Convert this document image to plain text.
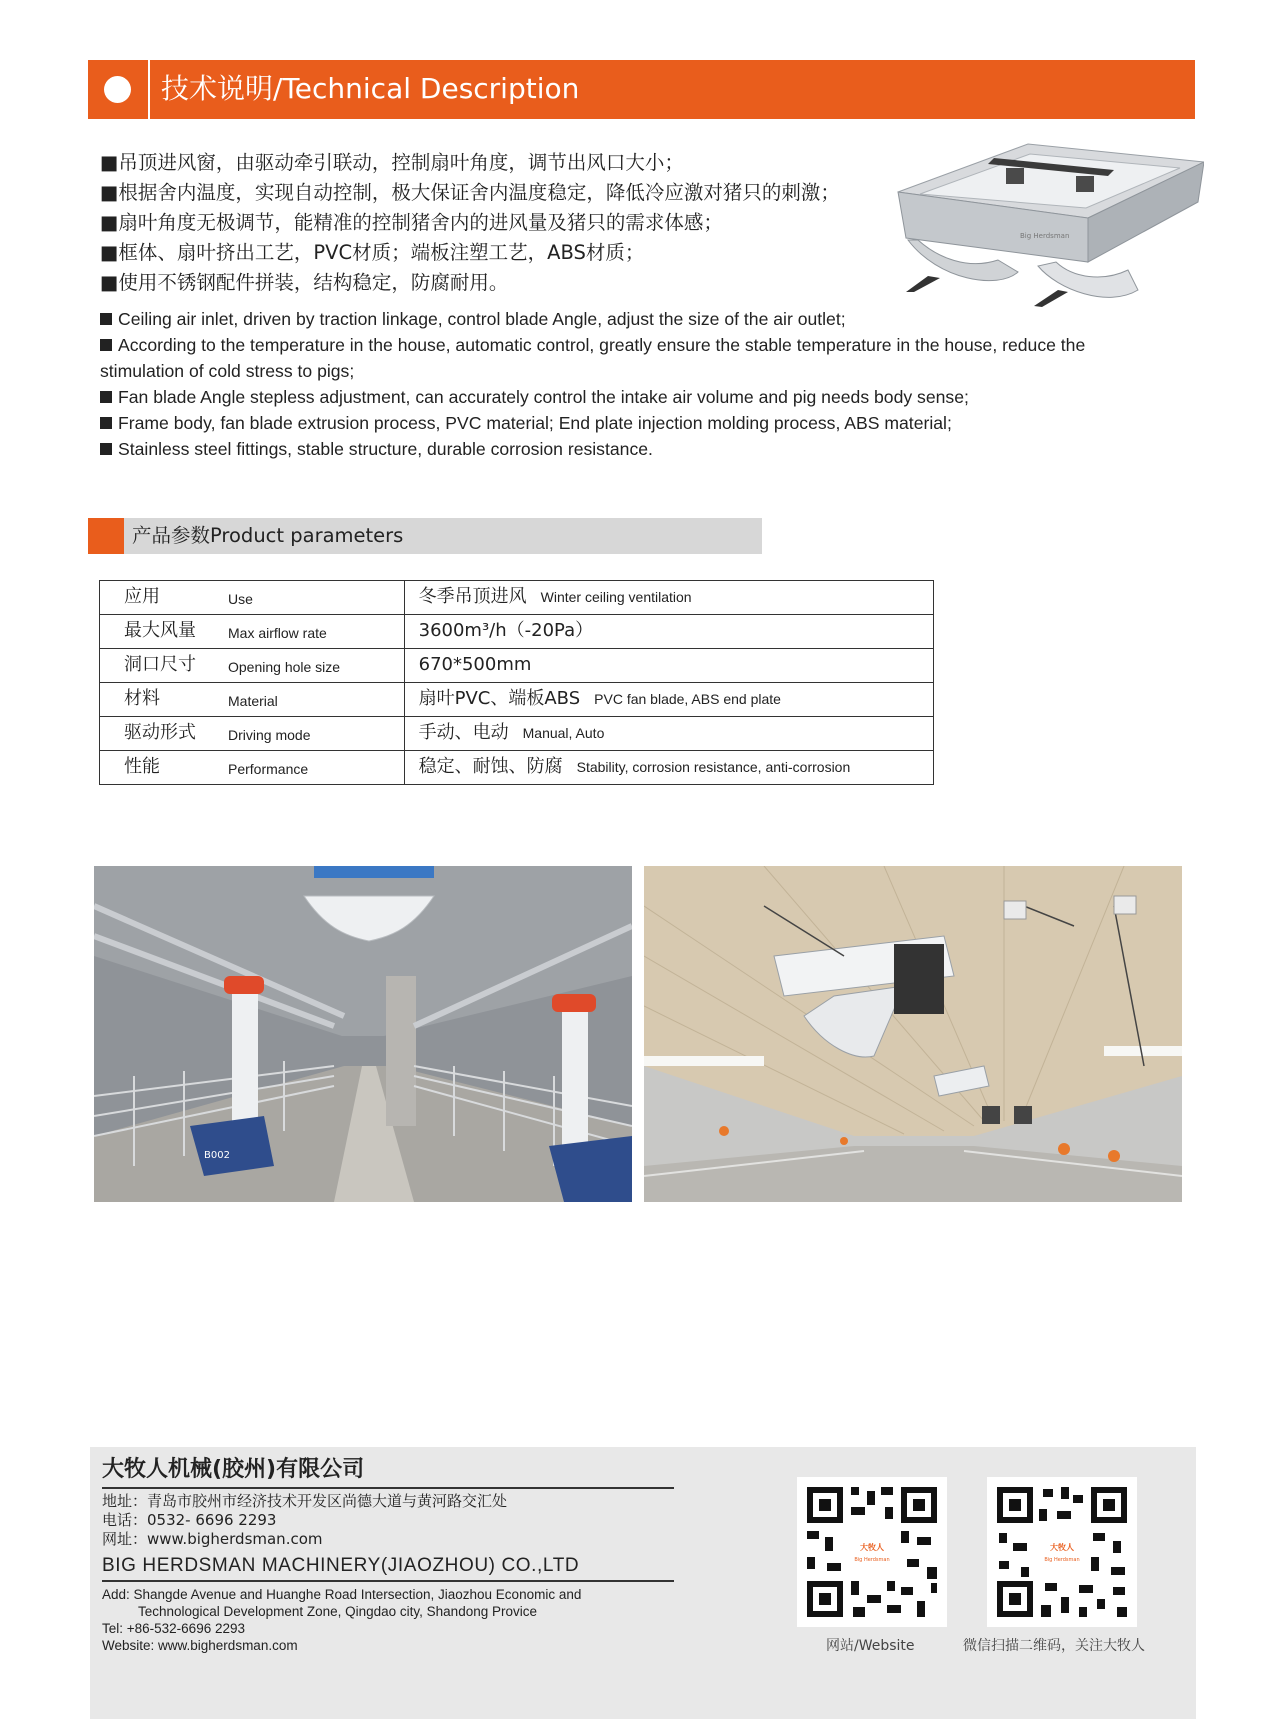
技术说明/Technical Description
■吊顶进风窗，由驱动牵引联动，控制扇叶角度，调节出风口大小；
■根据舍内温度，实现自动控制，极大保证舍内温度稳定，降低冷应激对猪只的刺激；
■扇叶角度无极调节，能精准的控制猪舍内的进风量及猪只的需求体感；
■框体、扇叶挤出工艺，PVC材质；端板注塑工艺，ABS材质；
■使用不锈钢配件拼装，结构稳定，防腐耐用。
Ceiling air inlet, driven by traction linkage, control blade Angle, adjust the size of the air outlet;
According to the temperature in the house, automatic control, greatly ensure the stable temperature in the house, reduce the stimulation of cold stress to pigs;
Fan blade Angle stepless adjustment, can accurately control the intake air volume and pig needs body sense;
Frame body, fan blade extrusion process, PVC material; End plate injection molding process, ABS material;
Stainless steel fittings, stable structure, durable corrosion resistance.
Big Herdsman
产品参数Product parameters
应用 Use	冬季吊顶进风 Winter ceiling ventilation

最大风量 Max airflow rate	3600m³/h（-20Pa）

洞口尺寸 Opening hole size	670*500mm

材料 Material	扇叶PVC、端板ABS PVC fan blade, ABS end plate

驱动形式 Driving mode	手动、电动 Manual, Auto

性能 Performance	稳定、耐蚀、防腐 Stability, corrosion resistance, anti-corrosion
B002
大牧人机械(胶州)有限公司
地址：青岛市胶州市经济技术开发区尚德大道与黄河路交汇处
电话：0532- 6696 2293
网址：www.bigherdsman.com
BIG HERDSMAN MACHINERY(JIAOZHOU) CO.,LTD
Add: Shangde Avenue and Huanghe Road Intersection, Jiaozhou Economic and
Technological Development Zone, Qingdao city, Shandong Provice
Tel: +86-532-6696 2293
Website: www.bigherdsman.com
大牧人
Big Herdsman
网站/Website
大牧人
Big Herdsman
微信扫描二维码，关注大牧人
